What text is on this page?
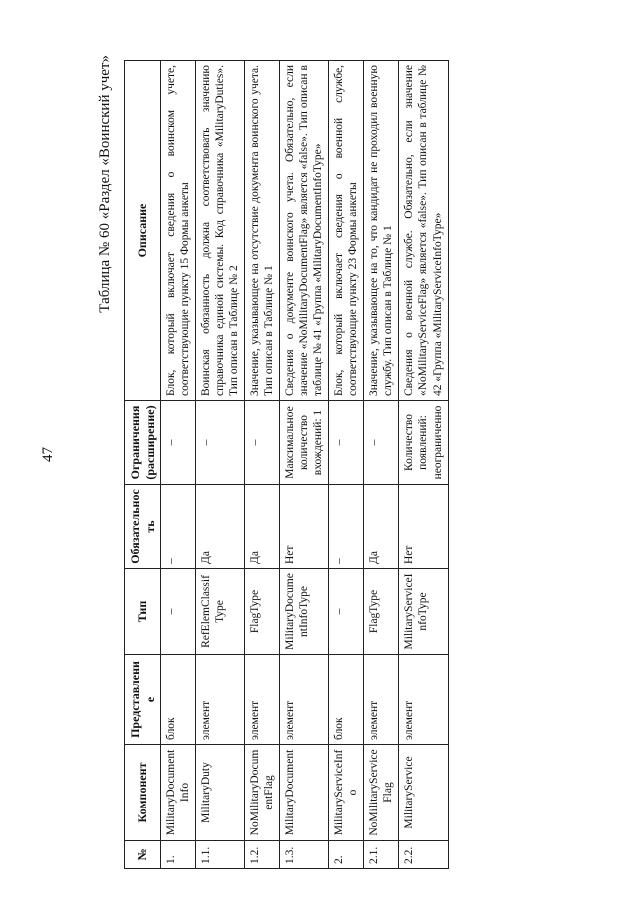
47
Таблица № 60 «Раздел «Воинский учет»
№	Компонент	Представление	Тип	Обязательность	Ограничения (расширение)	Описание
1.	MilitaryDocumentInfo	блок	–	–	–	Блок, который включает сведения о воинском учете, соответствующие пункту 15 Формы анкеты
1.1.	MilitaryDuty	элемент	RefElemClassifType	Да	–	Воинская обязанность должна соответствовать значению справочника единой системы. Код справочника «MilitaryDuties». Тип описан в Таблице № 2
1.2.	NoMilitaryDocumentFlag	элемент	FlagType	Да	–	Значение, указывающее на отсутствие документа воинского учета. Тип описан в Таблице № 1
1.3.	MilitaryDocument	элемент	MilitaryDocumentInfoType	Нет	Максимальное количество вхождений: 1	Сведения о документе воинского учета. Обязательно, если значение «NoMilitaryDocumentFlag» является «false». Тип описан в таблице № 41 «Группа «MilitaryDocumentInfoType»
2.	MilitaryServiceInfo	блок	–	–	–	Блок, который включает сведения о военной службе, соответствующие пункту 23 Формы анкеты
2.1.	NoMilitaryServiceFlag	элемент	FlagType	Да	–	Значение, указывающее на то, что кандидат не проходил военную службу. Тип описан в Таблице № 1
2.2.	MilitaryService	элемент	MilitaryServiceInfoType	Нет	Количество появлений: неограниченно	Сведения о военной службе. Обязательно, если значение «NoMilitaryServiceFlag» является «false». Тип описан в таблице № 42 «Группа «MilitaryServiceInfoType»
